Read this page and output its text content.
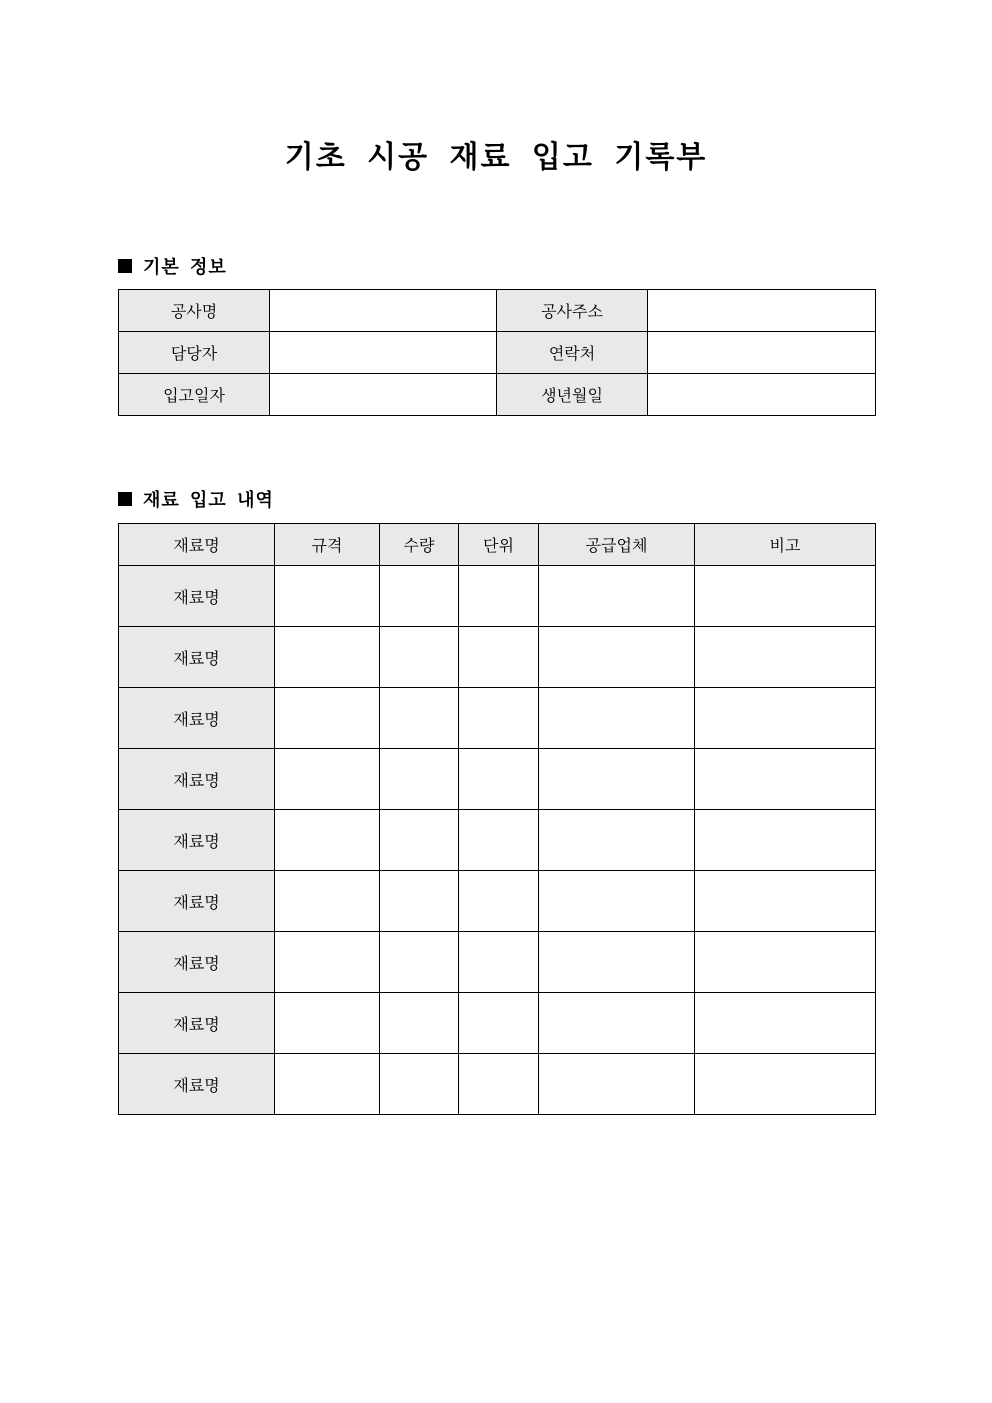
기초 시공 재료 입고 기록부
기본 정보
공사명		공사주소	
담당자		연락처	
입고일자		생년월일	
재료 입고 내역
재료명	규격	수량	단위	공급업체	비고
재료명					
재료명					
재료명					
재료명					
재료명					
재료명					
재료명					
재료명					
재료명					
